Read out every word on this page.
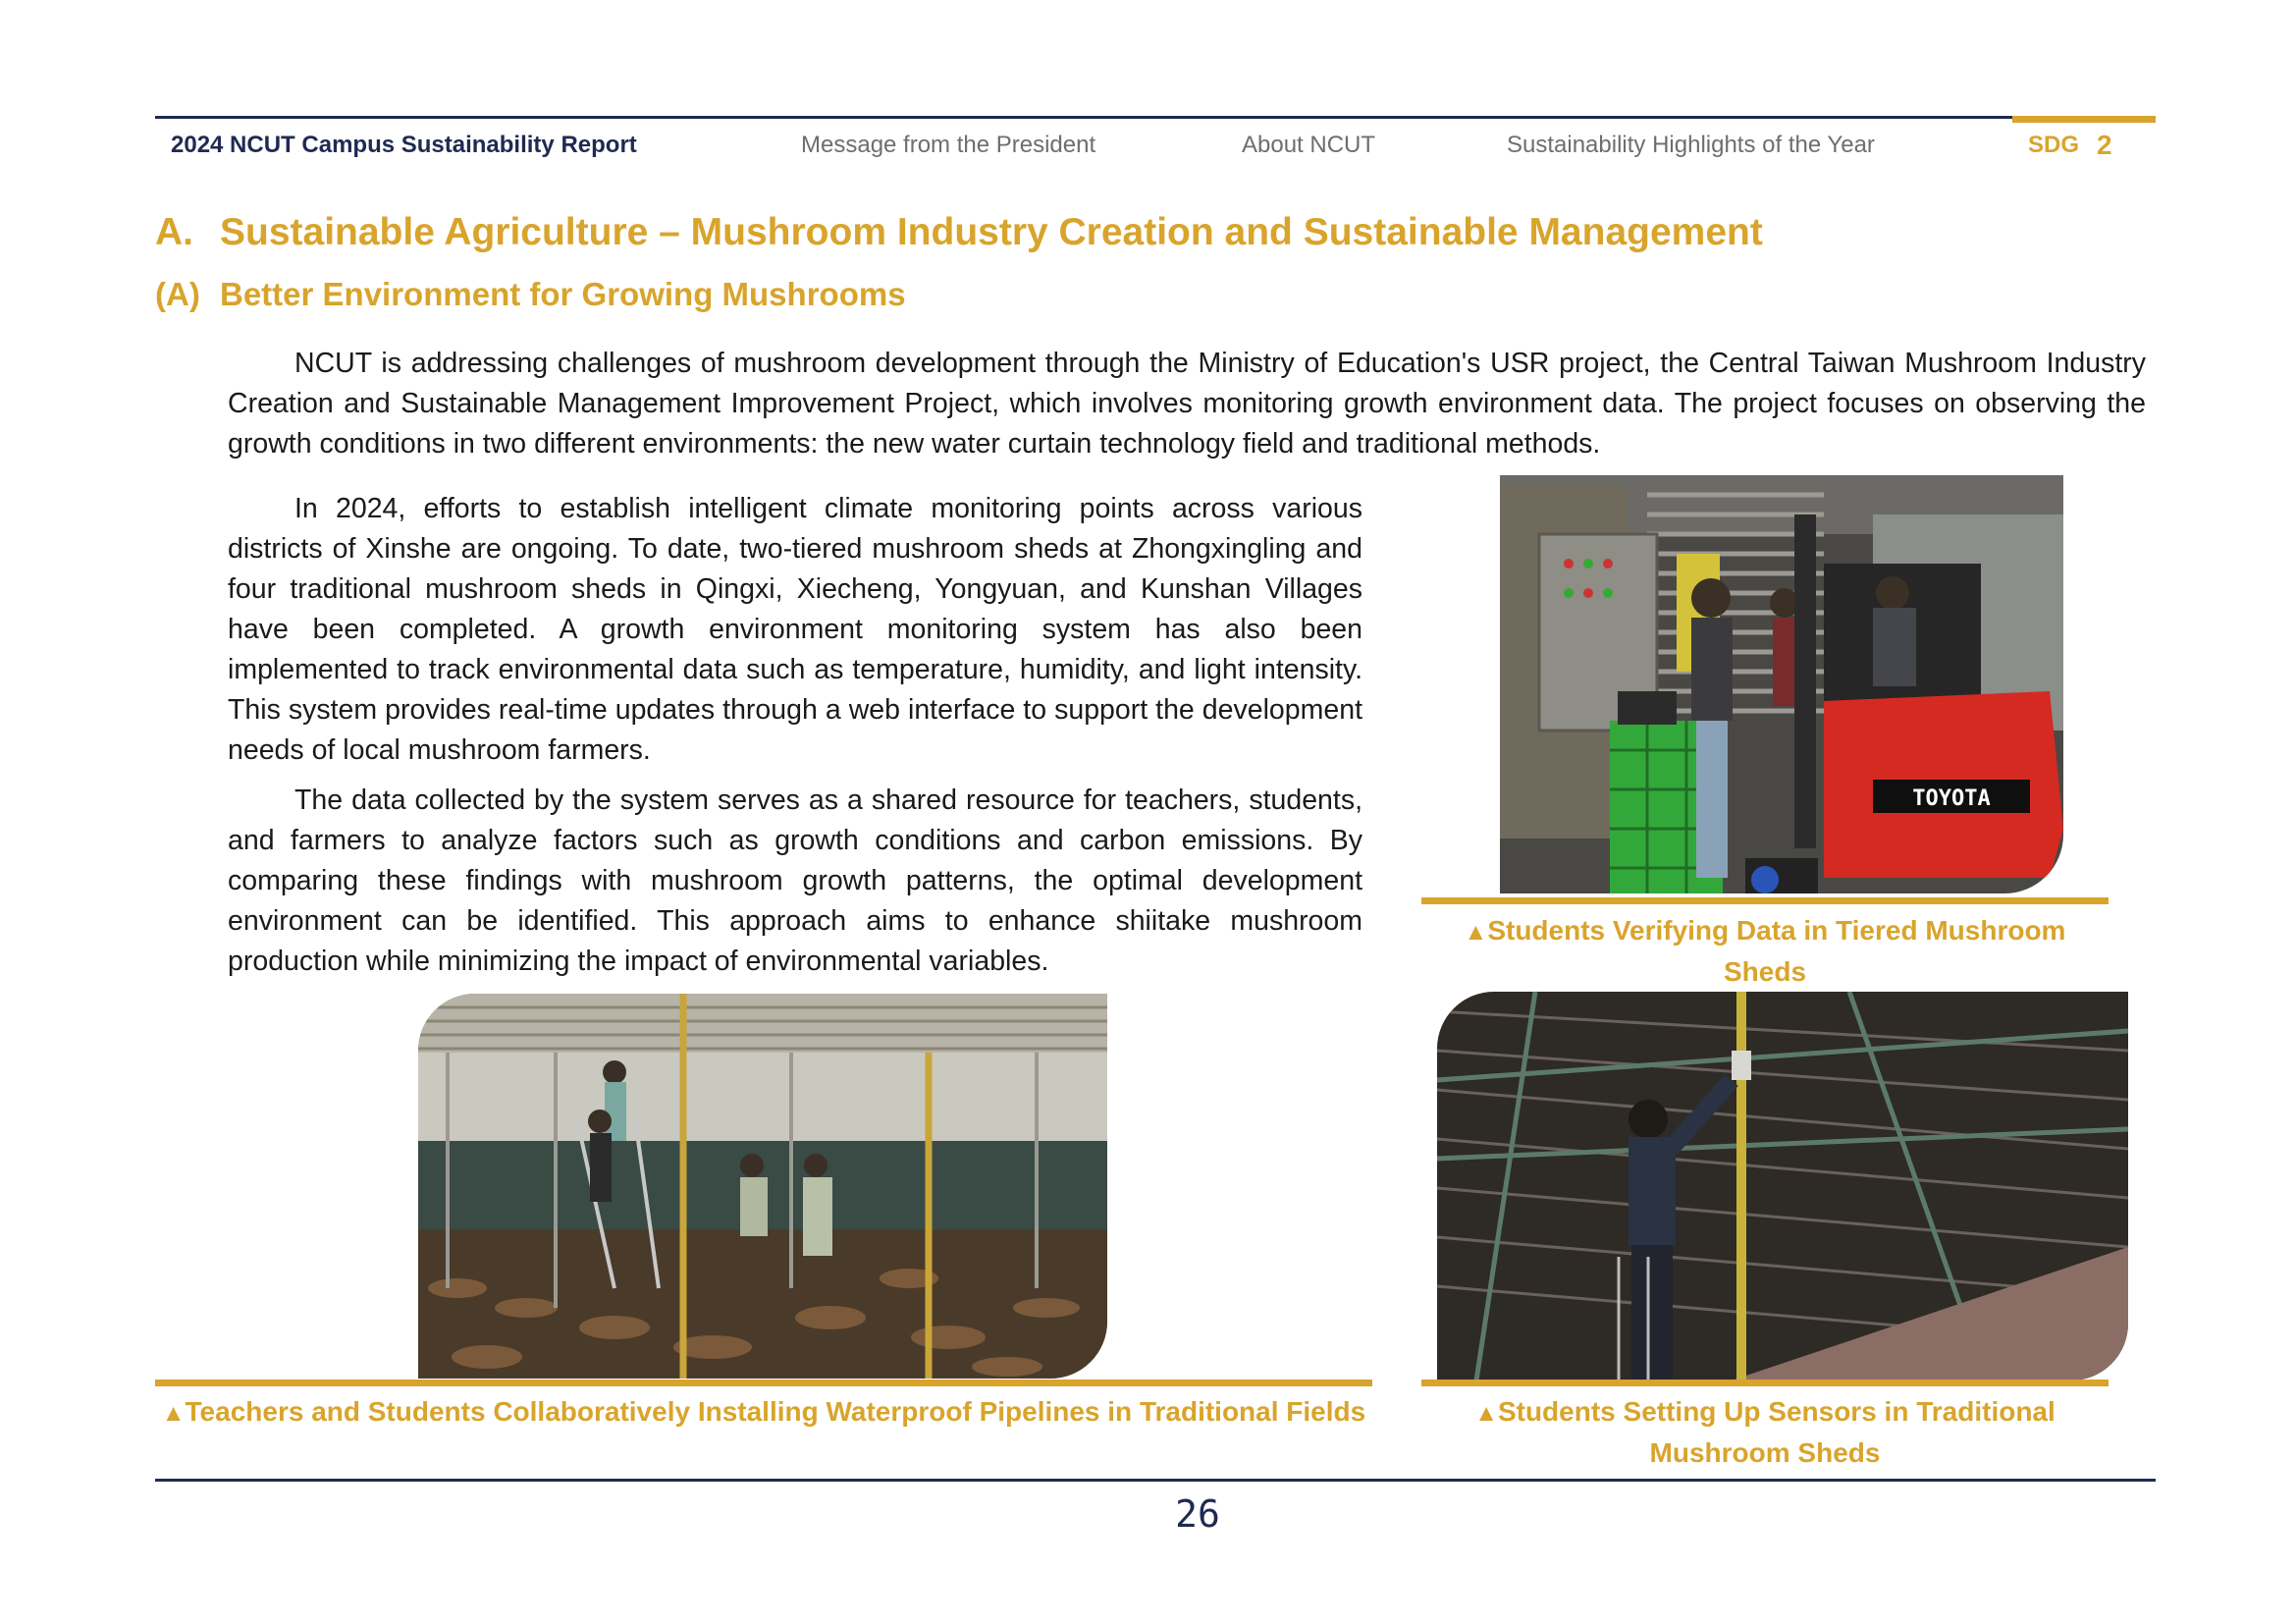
2024 NCUT Campus Sustainability Report	Message from the President	About NCUT	Sustainability Highlights of the Year	SDG 2
A. Sustainable Agriculture – Mushroom Industry Creation and Sustainable Management
(A) Better Environment for Growing Mushrooms
NCUT is addressing challenges of mushroom development through the Ministry of Education's USR project, the Central Taiwan Mushroom Industry Creation and Sustainable Management Improvement Project, which involves monitoring growth environment data. The project focuses on observing the growth conditions in two different environments: the new water curtain technology field and traditional methods.
In 2024, efforts to establish intelligent climate monitoring points across various districts of Xinshe are ongoing. To date, two-tiered mushroom sheds at Zhongxingling and four traditional mushroom sheds in Qingxi, Xiecheng, Yongyuan, and Kunshan Villages have been completed. A growth environment monitoring system has also been implemented to track environmental data such as temperature, humidity, and light intensity. This system provides real-time updates through a web interface to support the development needs of local mushroom farmers.
The data collected by the system serves as a shared resource for teachers, students, and farmers to analyze factors such as growth conditions and carbon emissions. By comparing these findings with mushroom growth patterns, the optimal development environment can be identified. This approach aims to enhance shiitake mushroom production while minimizing the impact of environmental variables.
TOYOTA
▲Students Verifying Data in Tiered Mushroom Sheds
▲Teachers and Students Collaboratively Installing Waterproof Pipelines in Traditional Fields	▲Students Setting Up Sensors in Traditional Mushroom Sheds
26
